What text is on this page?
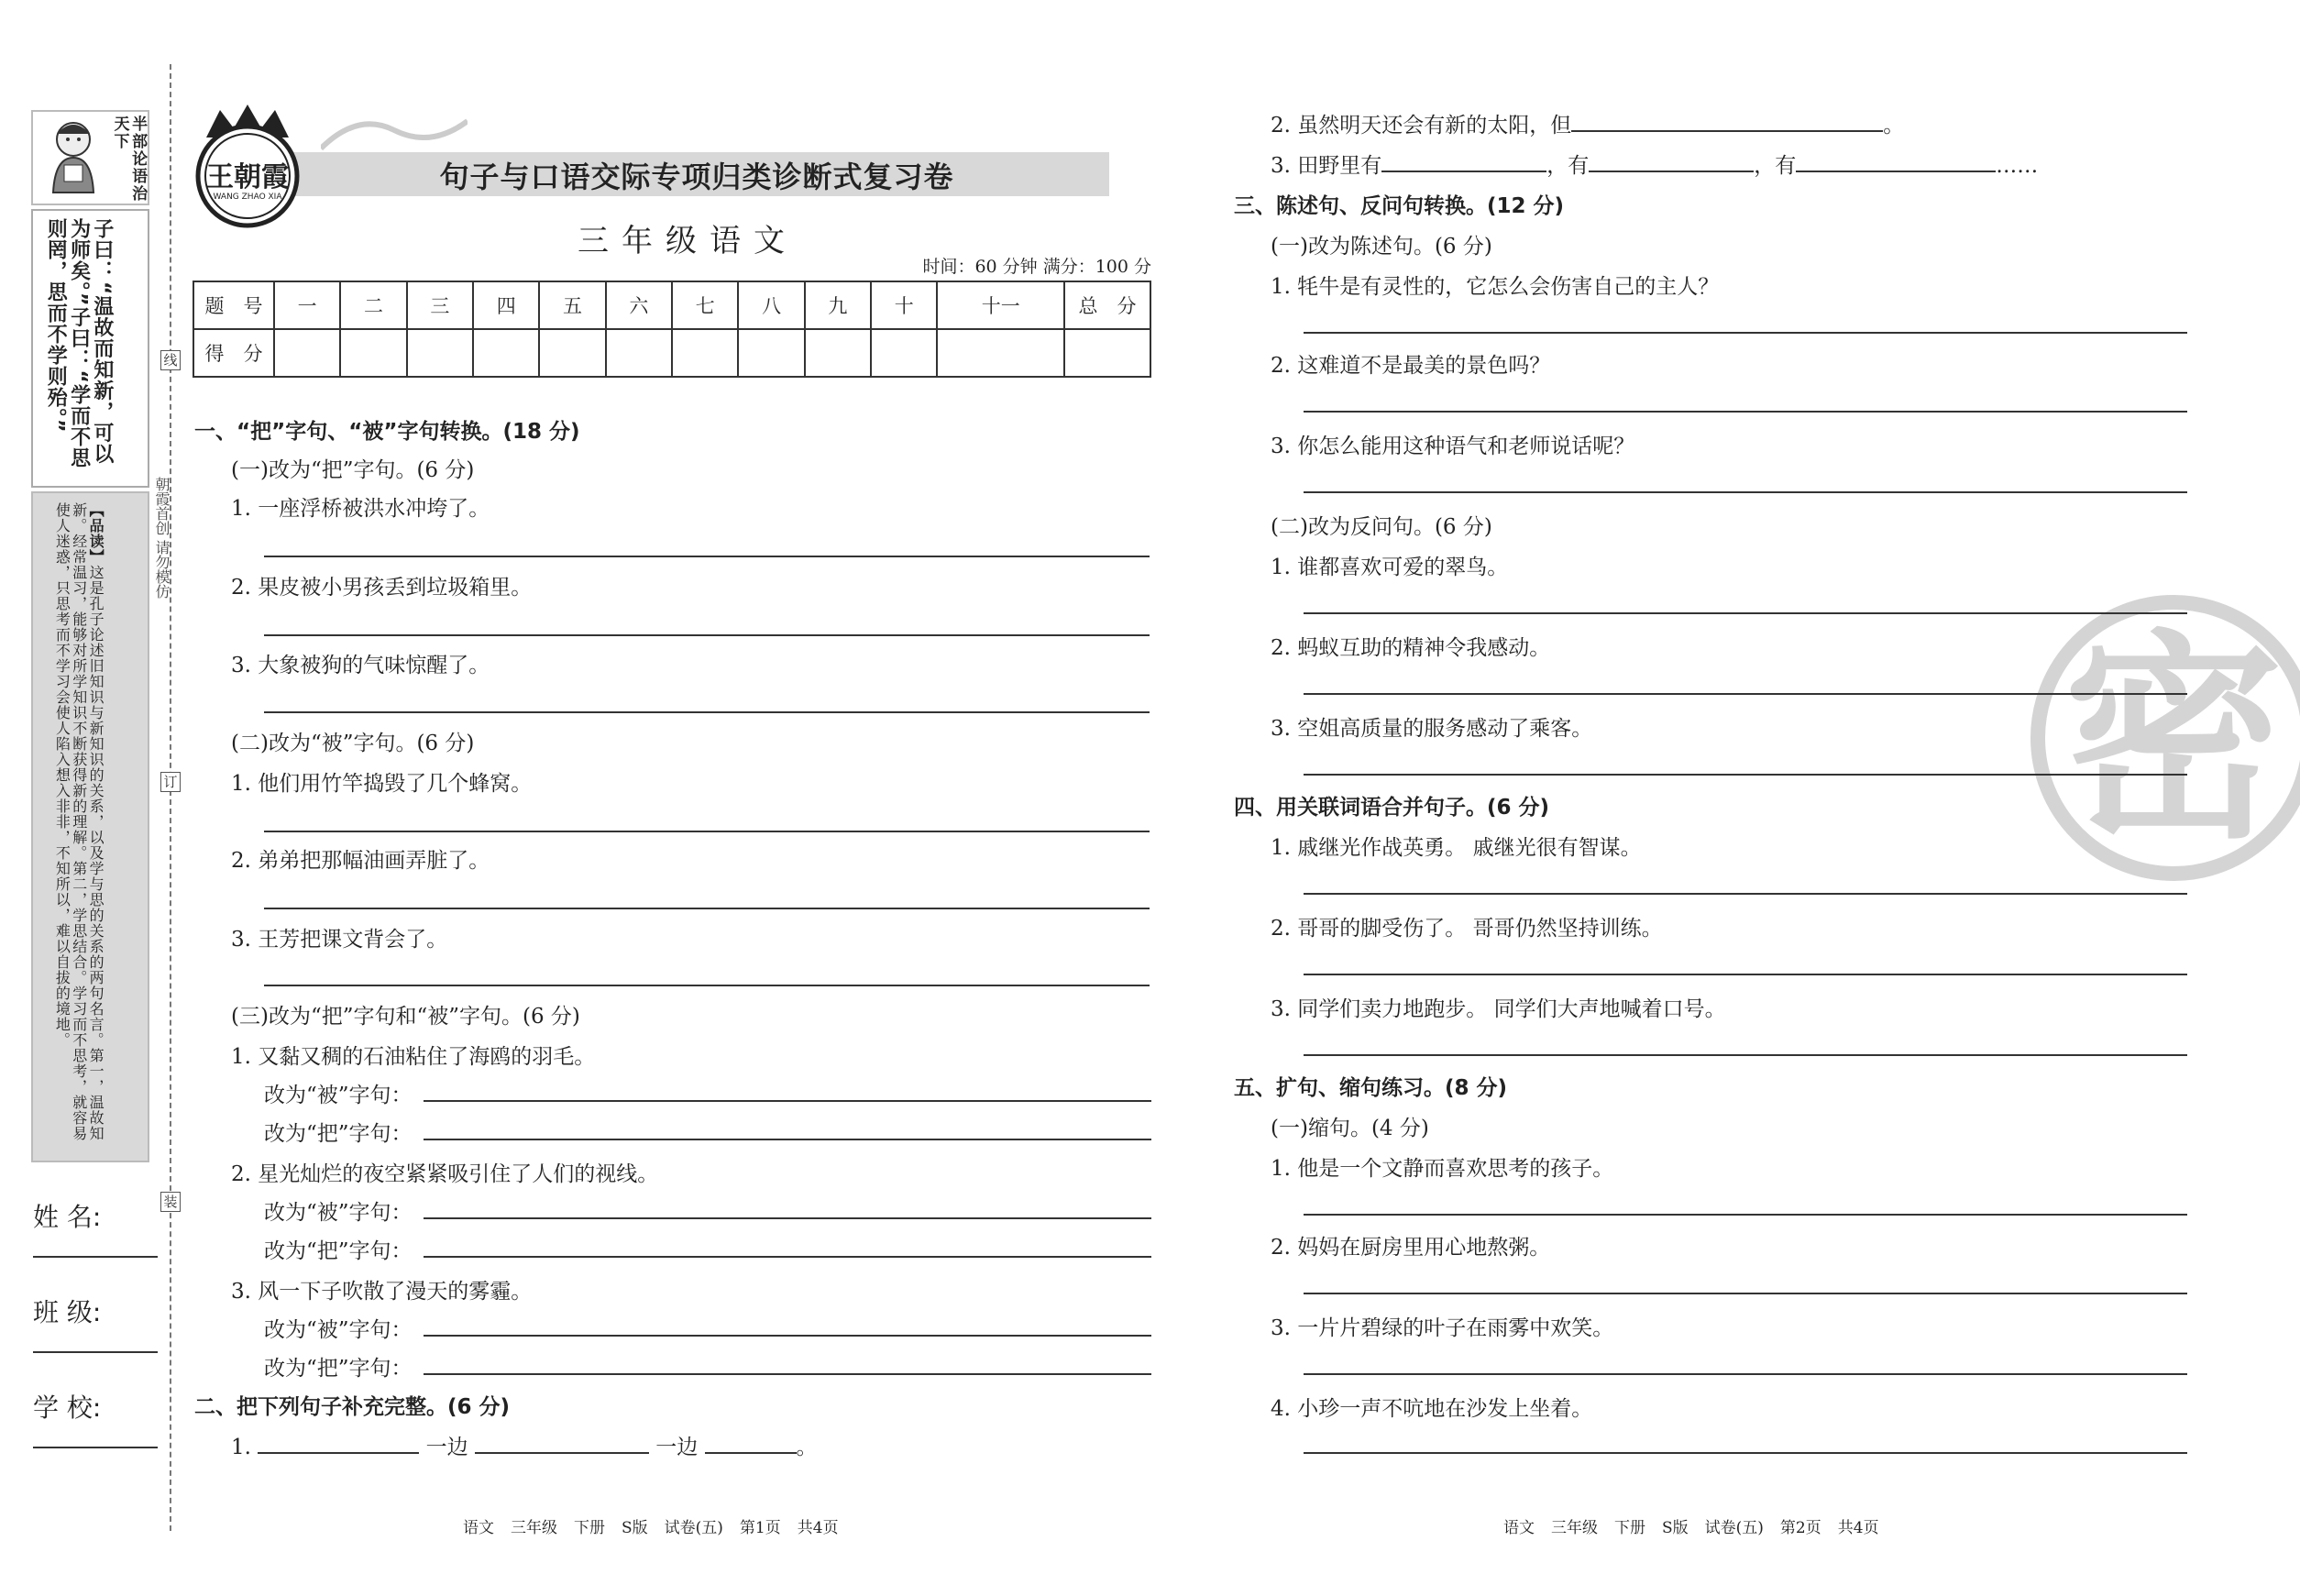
半部论语治天下
子曰：“温故而知新，可以为师矣。”子曰：“学而不思则罔，思而不学则殆。”
【品读】这是孔子论述旧知识与新知识的关系，以及学与思的关系的两句名言。第一，温故知新。经常温习，能够对所学知识不断获得新的理解。第二，学思结合。学习而不思考，就容易使人迷惑，只思考而不学习会使人陷入想入非非，不知所以，难以自拔的境地。
姓 名:
班 级:
学 校:
线
订
装
朝霞首创 请勿模仿
王朝霞
WANG ZHAO XIA
句子与口语交际专项归类诊断式复习卷
三年级语文
时间：60 分钟 满分：100 分
题　号	一	二	三	四	五	六	七	八	九	十	十一	总　分
得　分												
一、“把”字句、“被”字句转换。(18 分)
(一)改为“把”字句。(6 分)
1. 一座浮桥被洪水冲垮了。
2. 果皮被小男孩丢到垃圾箱里。
3. 大象被狗的气味惊醒了。
(二)改为“被”字句。(6 分)
1. 他们用竹竿捣毁了几个蜂窝。
2. 弟弟把那幅油画弄脏了。
3. 王芳把课文背会了。
(三)改为“把”字句和“被”字句。(6 分)
1. 又黏又稠的石油粘住了海鸥的羽毛。
改为“被”字句：
改为“把”字句：
2. 星光灿烂的夜空紧紧吸引住了人们的视线。
改为“被”字句：
改为“把”字句：
3. 风一下子吹散了漫天的雾霾。
改为“被”字句：
改为“把”字句：
二、把下列句子补充完整。(6 分)
1.	一边	一边	。
语文 三年级 下册 S版 试卷(五) 第1页 共4页
密
2. 虽然明天还会有新的太阳，但	。
3. 田野里有	，有	，有	……
三、陈述句、反问句转换。(12 分)
(一)改为陈述句。(6 分)
1. 牦牛是有灵性的，它怎么会伤害自己的主人？
2. 这难道不是最美的景色吗？
3. 你怎么能用这种语气和老师说话呢？
(二)改为反问句。(6 分)
1. 谁都喜欢可爱的翠鸟。
2. 蚂蚁互助的精神令我感动。
3. 空姐高质量的服务感动了乘客。
四、用关联词语合并句子。(6 分)
1. 戚继光作战英勇。 戚继光很有智谋。
2. 哥哥的脚受伤了。 哥哥仍然坚持训练。
3. 同学们卖力地跑步。 同学们大声地喊着口号。
五、扩句、缩句练习。(8 分)
(一)缩句。(4 分)
1. 他是一个文静而喜欢思考的孩子。
2. 妈妈在厨房里用心地熬粥。
3. 一片片碧绿的叶子在雨雾中欢笑。
4. 小珍一声不吭地在沙发上坐着。
语文 三年级 下册 S版 试卷(五) 第2页 共4页
